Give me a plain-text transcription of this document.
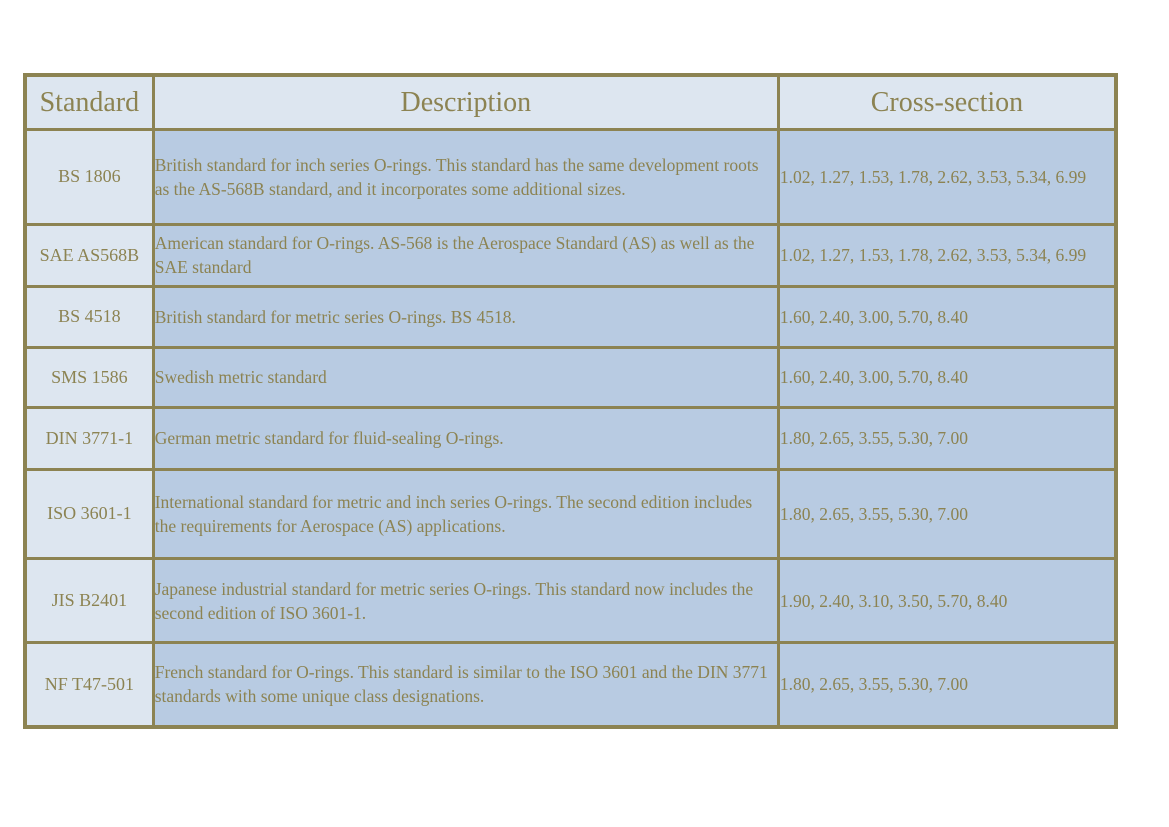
Standard	Description	Cross-section
BS 1806	British standard for inch series O-rings. This standard has the same development roots as the AS-568B standard, and it incorporates some additional sizes.	1.02, 1.27, 1.53, 1.78, 2.62, 3.53, 5.34, 6.99
SAE AS568B	American standard for O-rings. AS-568 is the Aerospace Standard (AS) as well as the SAE standard	1.02, 1.27, 1.53, 1.78, 2.62, 3.53, 5.34, 6.99
BS 4518	British standard for metric series O-rings. BS 4518.	1.60, 2.40, 3.00, 5.70, 8.40
SMS 1586	Swedish metric standard	1.60, 2.40, 3.00, 5.70, 8.40
DIN 3771-1	German metric standard for fluid-sealing O-rings.	1.80, 2.65, 3.55, 5.30, 7.00
ISO 3601-1	International standard for metric and inch series O-rings. The second edition includes the requirements for Aerospace (AS) applications.	1.80, 2.65, 3.55, 5.30, 7.00
JIS B2401	Japanese industrial standard for metric series O-rings. This standard now includes the second edition of ISO 3601-1.	1.90, 2.40, 3.10, 3.50, 5.70, 8.40
NF T47-501	French standard for O-rings. This standard is similar to the ISO 3601 and the DIN 3771 standards with some unique class designations.	1.80, 2.65, 3.55, 5.30, 7.00
